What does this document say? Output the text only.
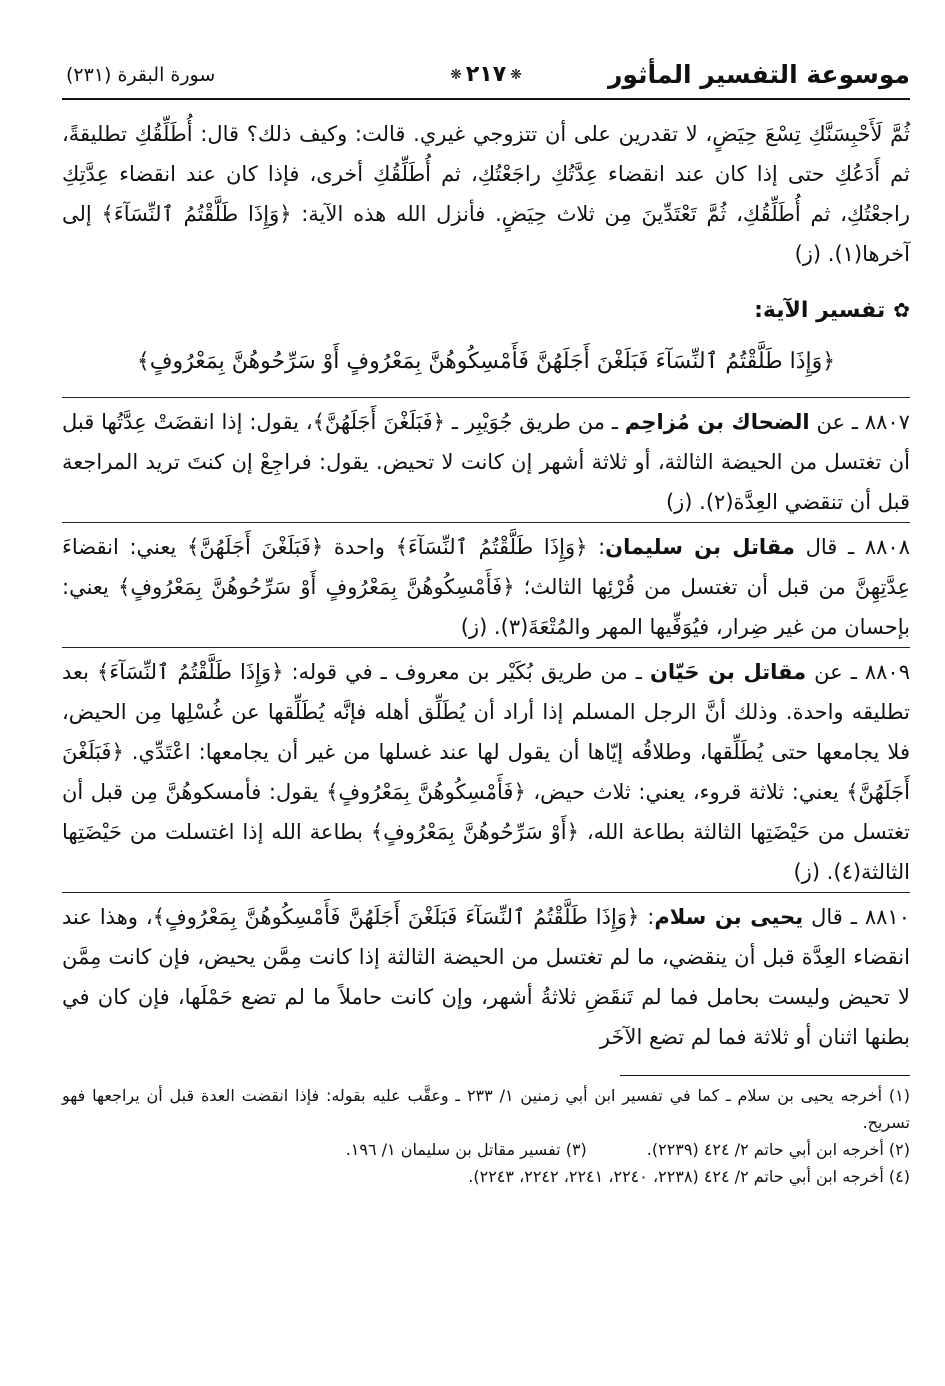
موسوعة التفسير المأثور
❋٢١٧❋
سورة البقرة (٢٣١)

ثُمَّ لَأَحْبِسَنَّكِ تِسْعَ حِيَضٍ، لا تقدرين على أن تتزوجي غيري. قالت: وكيف ذلك؟ قال: أُطَلِّقُكِ تطليقةً، ثم أَدَعُكِ حتى إذا كان عند انقضاء عِدَّتُكِ راجَعْتُكِ، ثم أُطَلِّقُكِ أخرى، فإذا كان عند انقضاء عِدَّتِكِ راجعْتُكِ، ثم أُطَلِّقُكِ، ثُمَّ تَعْتَدِّينَ مِن ثلاث حِيَضٍ. فأنزل الله هذه الآية: ﴿وَإِذَا طَلَّقْتُمُ ٱلنِّسَآءَ﴾ إلى آخرها(١). (ز)

✿تفسير الآية:
﴿وَإِذَا طَلَّقْتُمُ ٱلنِّسَآءَ فَبَلَغْنَ أَجَلَهُنَّ فَأَمْسِكُوهُنَّ بِمَعْرُوفٍ أَوْ سَرِّحُوهُنَّ بِمَعْرُوفٍ﴾

٨٨٠٧ ـ عن الضحاك بن مُزاحِم ـ من طريق جُوَيْبِر ـ ﴿فَبَلَغْنَ أَجَلَهُنَّ﴾، يقول: إذا انقضَتْ عِدَّتُها قبل أن تغتسل من الحيضة الثالثة، أو ثلاثة أشهر إن كانت لا تحيض. يقول: فراجِعْ إن كنتَ تريد المراجعة قبل أن تنقضي العِدَّة(٢). (ز)

٨٨٠٨ ـ قال مقاتل بن سليمان: ﴿وَإِذَا طَلَّقْتُمُ ٱلنِّسَآءَ﴾ واحدة ﴿فَبَلَغْنَ أَجَلَهُنَّ﴾ يعني: انقضاءَ عِدَّتِهِنَّ من قبل أن تغتسل من قُرْئِها الثالث؛ ﴿فَأَمْسِكُوهُنَّ بِمَعْرُوفٍ أَوْ سَرِّحُوهُنَّ بِمَعْرُوفٍ﴾ يعني: بإحسان من غير ضِرار، فيُوَفِّيها المهر والمُتْعَةَ(٣). (ز)

٨٨٠٩ ـ عن مقاتل بن حَيّان ـ من طريق بُكَيْر بن معروف ـ في قوله: ﴿وَإِذَا طَلَّقْتُمُ ٱلنِّسَآءَ﴾ بعد تطليقه واحدة. وذلك أنَّ الرجل المسلم إذا أراد أن يُطَلِّق أهله فإنَّه يُطَلِّقها عن غُسْلِها مِن الحيض، فلا يجامعها حتى يُطَلِّقها، وطلاقُه إيّاها أن يقول لها عند غسلها من غير أن يجامعها: اعْتَدِّي. ﴿فَبَلَغْنَ أَجَلَهُنَّ﴾ يعني: ثلاثة قروء، يعني: ثلاث حيض، ﴿فَأَمْسِكُوهُنَّ بِمَعْرُوفٍ﴾ يقول: فأمسكوهُنَّ مِن قبل أن تغتسل من حَيْضَتِها الثالثة بطاعة الله، ﴿أَوْ سَرِّحُوهُنَّ بِمَعْرُوفٍ﴾ بطاعة الله إذا اغتسلت من حَيْضَتِها الثالثة(٤). (ز)

٨٨١٠ ـ قال يحيى بن سلام: ﴿وَإِذَا طَلَّقْتُمُ ٱلنِّسَآءَ فَبَلَغْنَ أَجَلَهُنَّ فَأَمْسِكُوهُنَّ بِمَعْرُوفٍ﴾، وهذا عند انقضاء العِدَّة قبل أن ينقضي، ما لم تغتسل من الحيضة الثالثة إذا كانت مِمَّن يحيض، فإن كانت مِمَّن لا تحيض وليست بحامل فما لم تَنقَضِ ثلاثةُ أشهر، وإن كانت حاملاً ما لم تضع حَمْلَها، فإن كان في بطنها اثنان أو ثلاثة فما لم تضع الآخَر

(١) أخرجه يحيى بن سلام ـ كما في تفسير ابن أبي زمنين ١/ ٢٣٣ ـ وعقَّب عليه بقوله: فإذا انقضت العدة قبل أن يراجعها فهو تسريح.

(٢) أخرجه ابن أبي حاتم ٢/ ٤٢٤ (٢٢٣٩).
(٣) تفسير مقاتل بن سليمان ١/ ١٩٦.

(٤) أخرجه ابن أبي حاتم ٢/ ٤٢٤ (٢٢٣٨، ٢٢٤٠، ٢٢٤١، ٢٢٤٢، ٢٢٤٣).
